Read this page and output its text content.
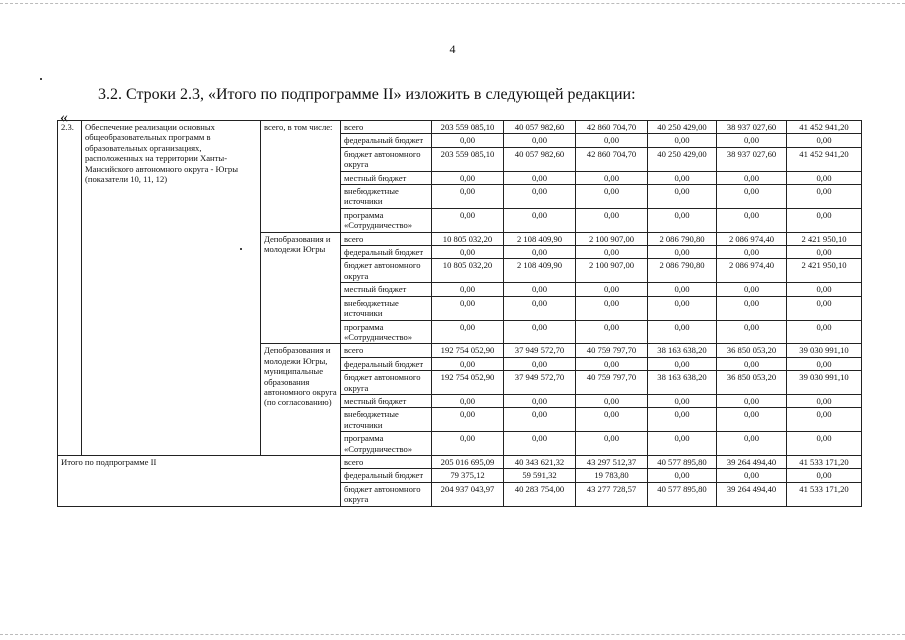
4
3.2. Строки 2.3, «Итого по подпрограмме II» изложить в следующей редакции:
«
2.3.	Обеспечение реализации основных общеобразовательных программ в образовательных организациях, расположенных на территории Ханты-Мансийского автономного округа - Югры (показатели 10, 11, 12)	всего, в том числе:	всего	203 559 085,10	40 057 982,60	42 860 704,70	40 250 429,00	38 937 027,60	41 452 941,20
			федеральный бюджет	0,00	0,00	0,00	0,00	0,00	0,00
			бюджет автономного округа	203 559 085,10	40 057 982,60	42 860 704,70	40 250 429,00	38 937 027,60	41 452 941,20
			местный бюджет	0,00	0,00	0,00	0,00	0,00	0,00
			внебюджетные источники	0,00	0,00	0,00	0,00	0,00	0,00
			программа «Сотрудничество»	0,00	0,00	0,00	0,00	0,00	0,00
		Депобразования и молодежи Югры	всего	10 805 032,20	2 108 409,90	2 100 907,00	2 086 790,80	2 086 974,40	2 421 950,10
			федеральный бюджет	0,00	0,00	0,00	0,00	0,00	0,00
			бюджет автономного округа	10 805 032,20	2 108 409,90	2 100 907,00	2 086 790,80	2 086 974,40	2 421 950,10
			местный бюджет	0,00	0,00	0,00	0,00	0,00	0,00
			внебюджетные источники	0,00	0,00	0,00	0,00	0,00	0,00
			программа «Сотрудничество»	0,00	0,00	0,00	0,00	0,00	0,00
		Депобразования и молодежи Югры, муниципальные образования автономного округа (по согласованию)	всего	192 754 052,90	37 949 572,70	40 759 797,70	38 163 638,20	36 850 053,20	39 030 991,10
			федеральный бюджет	0,00	0,00	0,00	0,00	0,00	0,00
			бюджет автономного округа	192 754 052,90	37 949 572,70	40 759 797,70	38 163 638,20	36 850 053,20	39 030 991,10
			местный бюджет	0,00	0,00	0,00	0,00	0,00	0,00
			внебюджетные источники	0,00	0,00	0,00	0,00	0,00	0,00
			программа «Сотрудничество»	0,00	0,00	0,00	0,00	0,00	0,00
Итого по подпрограмме II			всего	205 016 695,09	40 343 621,32	43 297 512,37	40 577 895,80	39 264 494,40	41 533 171,20
			федеральный бюджет	79 375,12	59 591,32	19 783,80	0,00	0,00	0,00
			бюджет автономного округа	204 937 043,97	40 283 754,00	43 277 728,57	40 577 895,80	39 264 494,40	41 533 171,20
